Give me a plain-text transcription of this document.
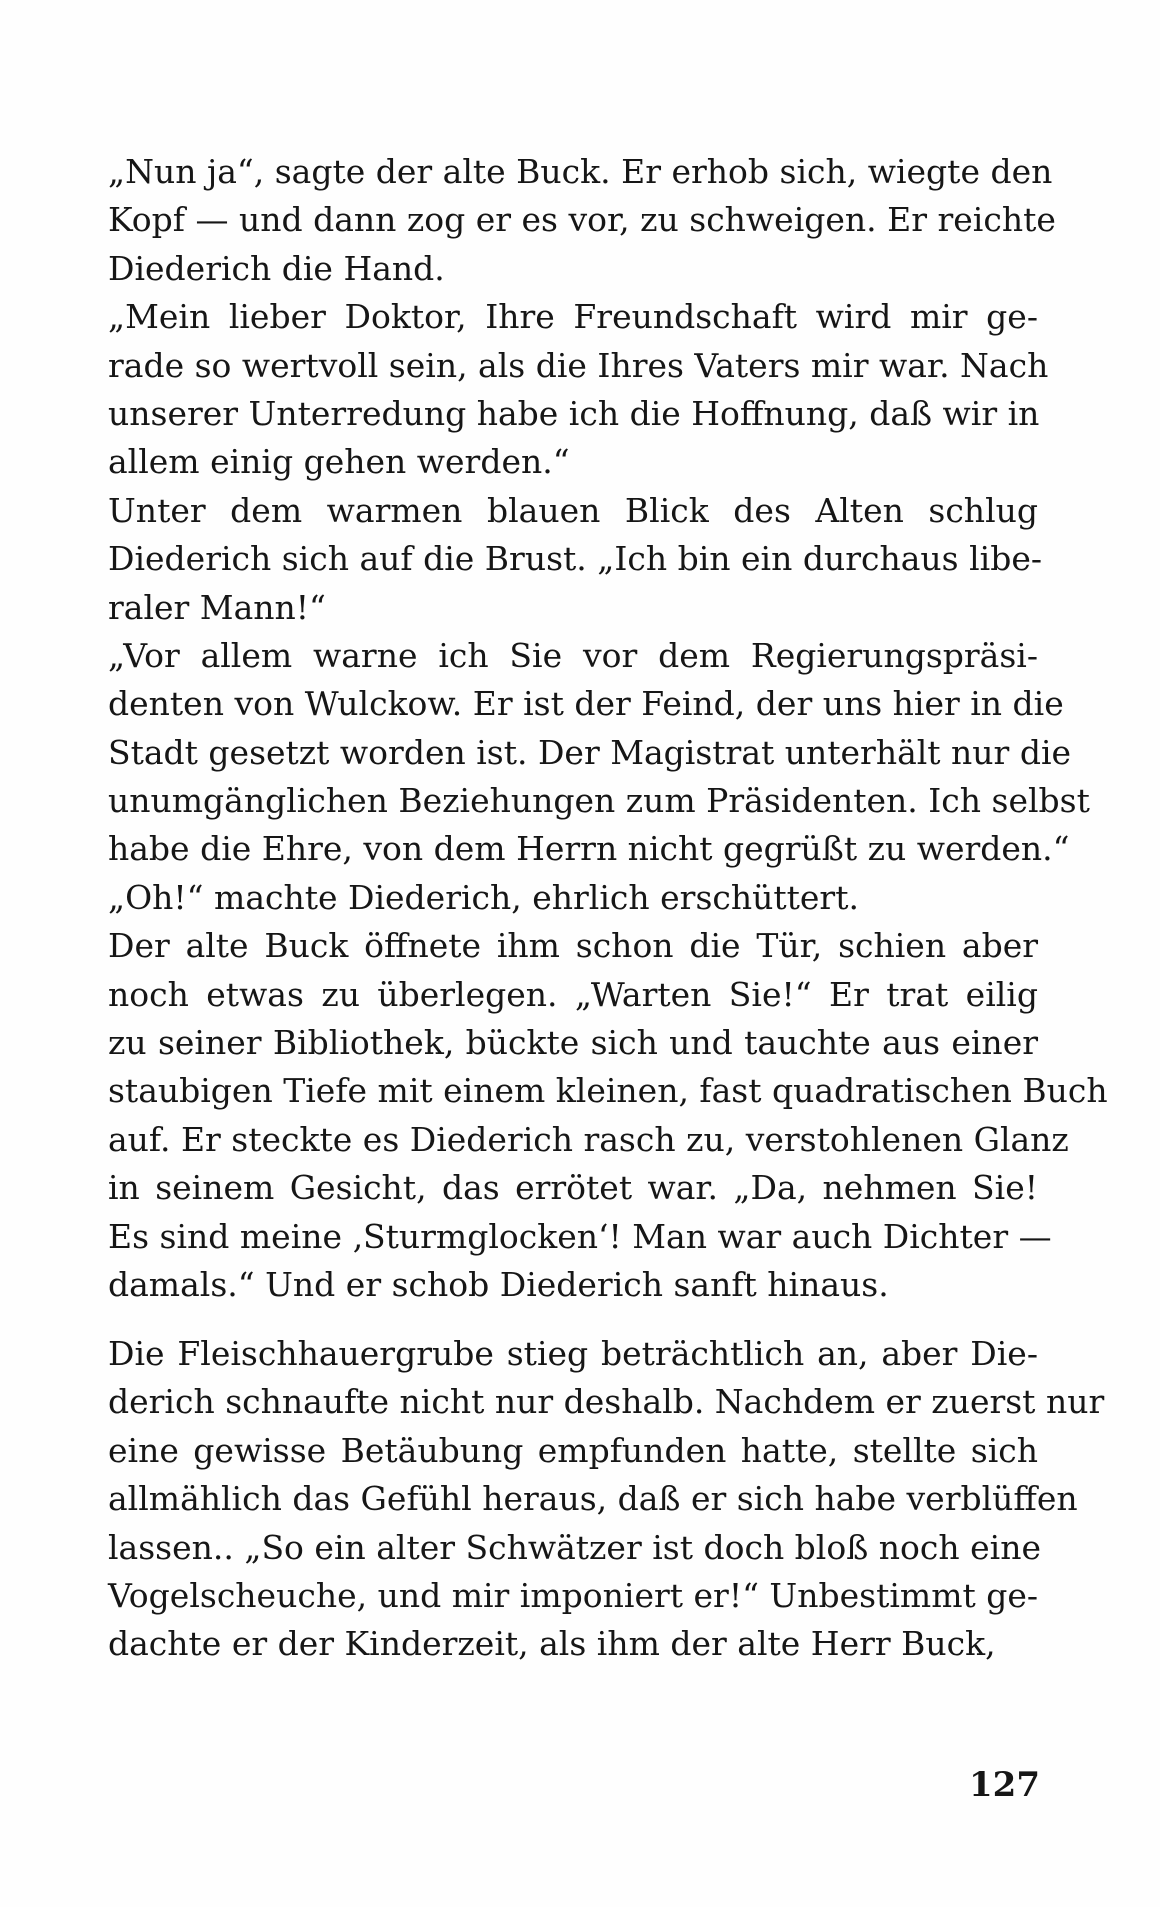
„Nun ja“, sagte der alte Buck. Er erhob sich, wiegte den
Kopf — und dann zog er es vor, zu schweigen. Er reichte
Diederich die Hand.
„Mein lieber Doktor, Ihre Freundschaft wird mir ge-
rade so wertvoll sein, als die Ihres Vaters mir war. Nach
unserer Unterredung habe ich die Hoffnung, daß wir in
allem einig gehen werden.“
Unter dem warmen blauen Blick des Alten schlug
Diederich sich auf die Brust. „Ich bin ein durchaus libe-
raler Mann!“
„Vor allem warne ich Sie vor dem Regierungspräsi-
denten von Wulckow. Er ist der Feind, der uns hier in die
Stadt gesetzt worden ist. Der Magistrat unterhält nur die
unumgänglichen Beziehungen zum Präsidenten. Ich selbst
habe die Ehre, von dem Herrn nicht gegrüßt zu werden.“
„Oh!“ machte Diederich, ehrlich erschüttert.
Der alte Buck öffnete ihm schon die Tür, schien aber
noch etwas zu überlegen. „Warten Sie!“ Er trat eilig
zu seiner Bibliothek, bückte sich und tauchte aus einer
staubigen Tiefe mit einem kleinen, fast quadratischen Buch
auf. Er steckte es Diederich rasch zu, verstohlenen Glanz
in seinem Gesicht, das errötet war. „Da, nehmen Sie!
Es sind meine ‚Sturmglocken‘! Man war auch Dichter —
damals.“ Und er schob Diederich sanft hinaus.
Die Fleischhauergrube stieg beträchtlich an, aber Die-
derich schnaufte nicht nur deshalb. Nachdem er zuerst nur
eine gewisse Betäubung empfunden hatte, stellte sich
allmählich das Gefühl heraus, daß er sich habe verblüffen
lassen.. „So ein alter Schwätzer ist doch bloß noch eine
Vogelscheuche, und mir imponiert er!“ Unbestimmt ge-
dachte er der Kinderzeit, als ihm der alte Herr Buck,
127
